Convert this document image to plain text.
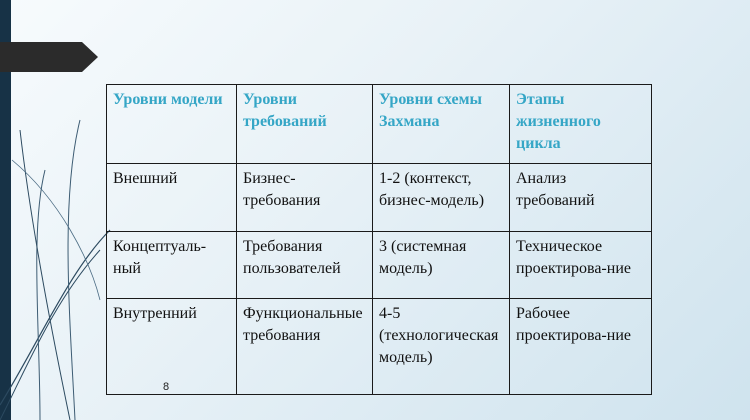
Уровни модели	Уровни требований	Уровни схемы Захмана	Этапы жизненного цикла
Внешний	Бизнес-требования	1-2 (контекст, бизнес-модель)	Анализ требований
Концептуаль-ный	Требования пользователей	3 (системная модель)	Техническое проектирова-ние
Внутренний	Функциональные требования	4-5 (технологическая модель)	Рабочее проектирова-ние
8
